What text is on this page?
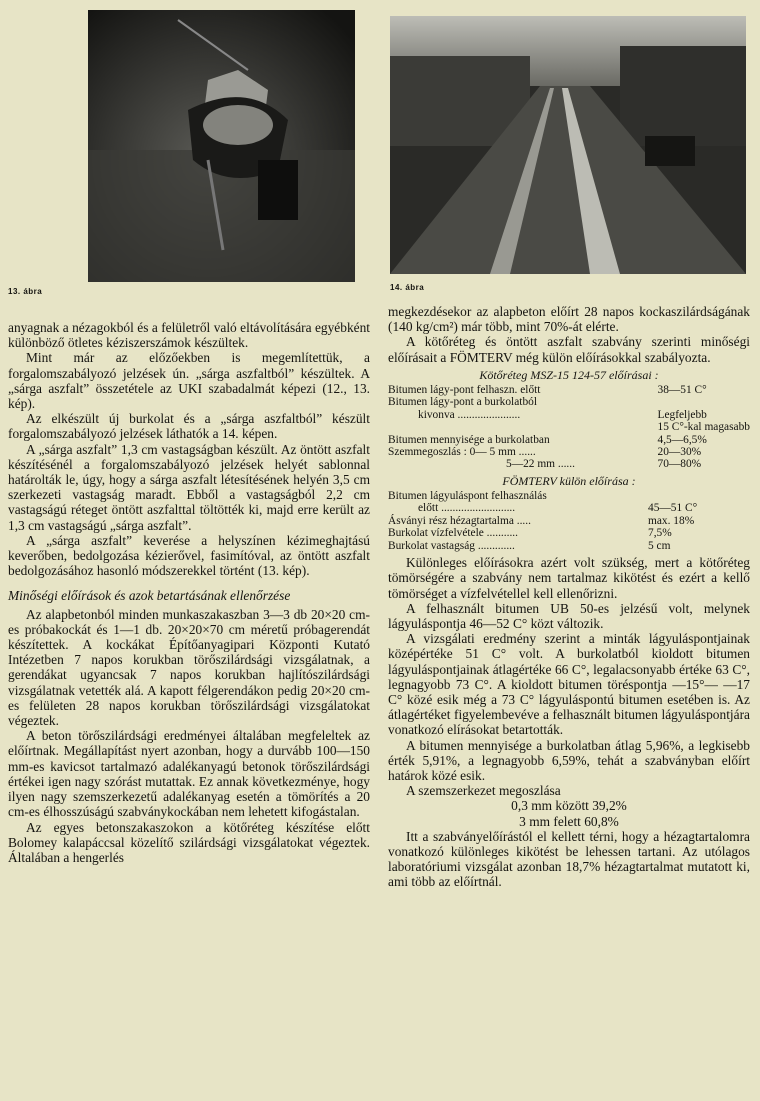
13. ábra	14. ábra

anyagnak a nézagokból és a felületről való eltávolítására egyébként különböző ötletes kéziszerszámok készültek.

Mint már az előzőekben is megemlítettük, a forgalomszabályozó jelzések ún. „sárga aszfaltból” készültek. A „sárga aszfalt” összetétele az UKI szabadalmát képezi (12., 13. kép).

Az elkészült új burkolat és a „sárga aszfaltból” készült forgalomszabályozó jelzések láthatók a 14. képen.

A „sárga aszfalt” 1,3 cm vastagságban készült. Az öntött aszfalt készítésénél a forgalomszabályozó jelzések helyét sablonnal határolták le, úgy, hogy a sárga aszfalt létesítésének helyén 3,5 cm szerkezeti vastagság maradt. Ebből a vastagságból 2,2 cm vastagságú réteget öntött aszfalttal töltötték ki, majd erre került az 1,3 cm vastagságú „sárga aszfalt”.

A „sárga aszfalt” keverése a helyszínen kézimeghajtású keverőben, bedolgozása kézierővel, fasimítóval, az öntött aszfalt bedolgozásához hasonló módszerekkel történt (13. kép).

Minőségi előírások és azok betartásának ellenőrzése

Az alapbetonból minden munkaszakaszban 3—3 db 20×20 cm-es próbakockát és 1—1 db. 20×20×70 cm méretű próbagerendát készítettek. A kockákat Építőanyagipari Központi Kutató Intézetben 7 napos korukban törőszilárdsági vizsgálatnak, a gerendákat ugyancsak 7 napos korukban hajlítószilárdsági vizsgálatnak vetették alá. A kapott félgerendákon pedig 20×20 cm-es felületen 28 napos korukban törőszilárdsági vizsgálatokat végeztek.

A beton törőszilárdsági eredményei általában megfeleltek az előírtnak. Megállapítást nyert azonban, hogy a durvább 100—150 mm-es kavicsot tartalmazó adalékanyagú betonok törőszilárdsági értékei igen nagy szórást mutattak. Ez annak következménye, hogy ilyen nagy szemszerkezetű adalékanyag esetén a tömörítés a 20 cm-es élhosszúságú szabványkockában nem lehetett kifogástalan.

Az egyes betonszakaszokon a kötőréteg készítése előtt Bolomey kalapáccsal közelítő szilárdsági vizsgálatokat végeztek. Általában a hengerlés

megkezdésekor az alapbeton előírt 28 napos kockaszilárdságának (140 kg/cm²) már több, mint 70%-át elérte.

A kötőréteg és öntött aszfalt szabvány szerinti minőségi előírásait a FÖMTERV még külön előírásokkal szabályozta.

Kötőréteg MSZ-15 124-57 előírásai :

Bitumen lágy-pont felhaszn. előtt	38—51 C°
Bitumen lágy-pont a burkolatból	
kivonva ......................	Legfeljebb
	15 C°-kal magasabb
Bitumen mennyisége a burkolatban	4,5—6,5%
Szemmegoszlás : 0— 5 mm ......	20—30%
5—22 mm ......	70—80%

FÖMTERV külön előírása :

Bitumen lágyuláspont felhasználás	
előtt ..........................	45—51 C°
Ásványi rész hézagtartalma .....	max. 18%
Burkolat vízfelvétele ...........	7,5%
Burkolat vastagság .............	5 cm

Különleges előírásokra azért volt szükség, mert a kötőréteg tömörségére a szabvány nem tartalmaz kikötést és ezért a kellő tömörséget a vízfelvétellel kell ellenőrizni.

A felhasznált bitumen UB 50-es jelzésű volt, melynek lágyuláspontja 46—52 C° közt változik.

A vizsgálati eredmény szerint a minták lágyuláspontjainak középértéke 51 C° volt. A burkolatból kioldott bitumen lágyuláspontjainak átlagértéke 66 C°, legalacsonyabb értéke 63 C°, legnagyobb 73 C°. A kioldott bitumen töréspontja —15°— —17 C° közé esik még a 73 C° lágyuláspontú bitumen esetében is. Az átlagértéket figyelembevéve a felhasznált bitumen lágyuláspontjára vonatkozó elírásokat betartották.

A bitumen mennyisége a burkolatban átlag 5,96%, a legkisebb érték 5,91%, a legnagyobb 6,59%, tehát a szabványban előírt határok közé esik.

A szemszerkezet megoszlása

0,3 mm között 39,2%

3 mm felett 60,8%

Itt a szabványelőírástól el kellett térni, hogy a hézagtartalomra vonatkozó különleges kikötést be lehessen tartani. Az utólagos laboratóriumi vizsgálat azonban 18,7% hézagtartalmat mutatott ki, ami több az előírtnál.
